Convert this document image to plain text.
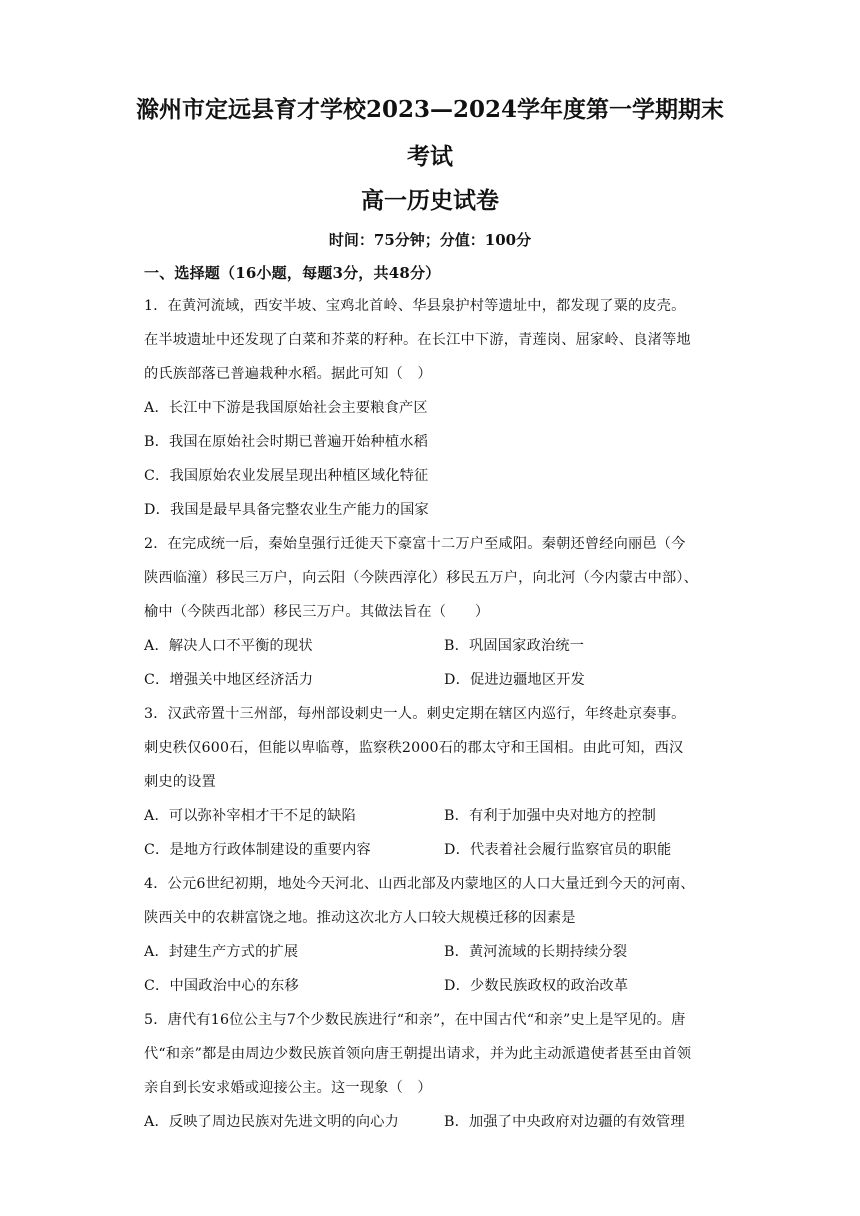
滁州市定远县育才学校2023—2024学年度第一学期期末
考试
高一历史试卷
时间：75分钟；分值：100分
一、选择题（16小题，每题3分，共48分）
1．在黄河流域，西安半坡、宝鸡北首岭、华县泉护村等遗址中，都发现了粟的皮壳。
在半坡遗址中还发现了白菜和芥菜的籽种。在长江中下游，青莲岗、屈家岭、良渚等地
的氏族部落已普遍栽种水稻。据此可知（　）
A．长江中下游是我国原始社会主要粮食产区
B．我国在原始社会时期已普遍开始种植水稻
C．我国原始农业发展呈现出种植区域化特征
D．我国是最早具备完整农业生产能力的国家
2．在完成统一后，秦始皇强行迁徙天下豪富十二万户至咸阳。秦朝还曾经向丽邑（今
陕西临潼）移民三万户，向云阳（今陕西淳化）移民五万户，向北河（今内蒙古中部）、
榆中（今陕西北部）移民三万户。其做法旨在（　　）
A．解决人口不平衡的现状	B．巩固国家政治统一
C．增强关中地区经济活力	D．促进边疆地区开发
3．汉武帝置十三州部，每州部设刺史一人。刺史定期在辖区内巡行，年终赴京奏事。
刺史秩仅600石，但能以卑临尊，监察秩2000石的郡太守和王国相。由此可知，西汉
刺史的设置
A．可以弥补宰相才干不足的缺陷	B．有利于加强中央对地方的控制
C．是地方行政体制建设的重要内容	D．代表着社会履行监察官员的职能
4．公元6世纪初期，地处今天河北、山西北部及内蒙地区的人口大量迁到今天的河南、
陕西关中的农耕富饶之地。推动这次北方人口较大规模迁移的因素是
A．封建生产方式的扩展	B．黄河流域的长期持续分裂
C．中国政治中心的东移	D．少数民族政权的政治改革
5．唐代有16位公主与7个少数民族进行“和亲”，在中国古代“和亲”史上是罕见的。唐
代“和亲”都是由周边少数民族首领向唐王朝提出请求，并为此主动派遣使者甚至由首领
亲自到长安求婚或迎接公主。这一现象（　）
A．反映了周边民族对先进文明的向心力	B．加强了中央政府对边疆的有效管理
